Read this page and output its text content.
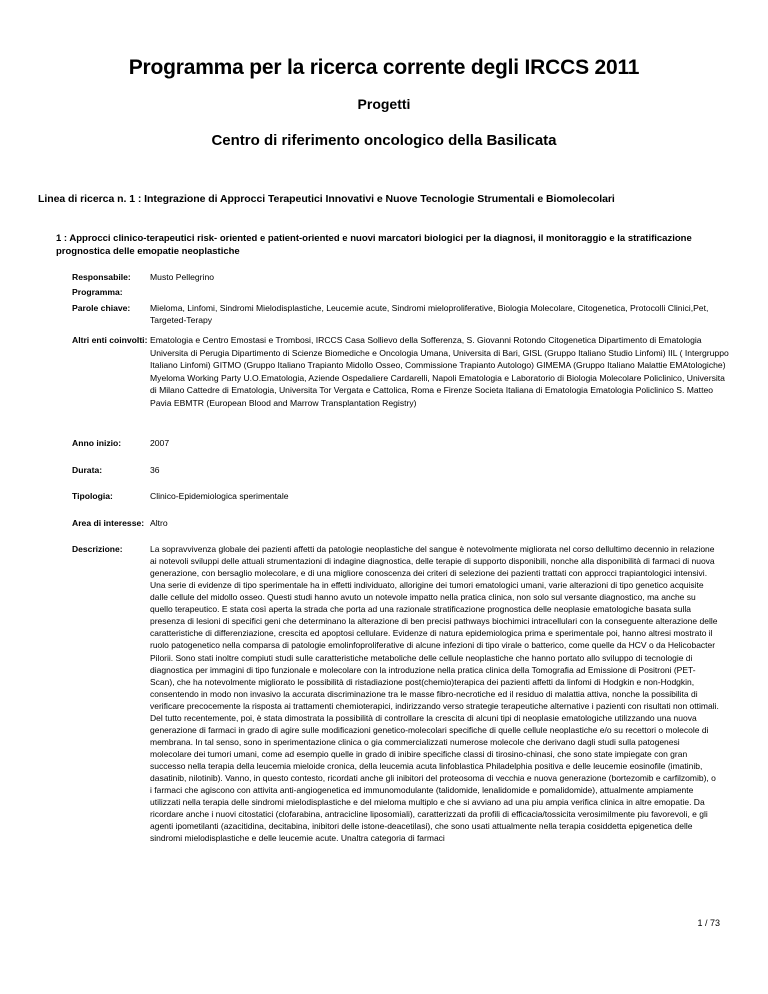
Programma per la ricerca corrente degli IRCCS 2011
Progetti
Centro di riferimento oncologico della Basilicata

Linea di ricerca n. 1 : Integrazione di Approcci Terapeutici Innovativi e Nuove Tecnologie Strumentali e Biomolecolari

1 : Approcci clinico-terapeutici risk- oriented e patient-oriented e nuovi marcatori biologici per la diagnosi, il monitoraggio e la stratificazione prognostica delle emopatie neoplastiche

Responsabile:	Musto Pellegrino
Programma:
Parole chiave:	Mieloma, Linfomi, Sindromi Mielodisplastiche, Leucemie acute, Sindromi mieloproliferative, Biologia Molecolare, Citogenetica, Protocolli Clinici,Pet, Targeted-Terapy
Altri enti coinvolti: Ematologia e Centro Emostasi e Trombosi, IRCCS Casa Sollievo della Sofferenza, S. Giovanni Rotondo Citogenetica Dipartimento di Ematologia Universita di Perugia Dipartimento di Scienze Biomediche e Oncologia Umana, Universita di Bari, GISL (Gruppo Italiano Studio Linfomi) IIL ( Intergruppo Italiano Linfomi) GITMO (Gruppo Italiano Trapianto Midollo Osseo, Commissione Trapianto Autologo) GIMEMA (Gruppo Italiano Malattie EMAtologiche) Myeloma Working Party U.O.Ematologia, Aziende Ospedaliere Cardarelli, Napoli Ematologia e Laboratorio di Biologia Molecolare Policlinico, Universita di Milano Cattedre di Ematologia, Universita Tor Vergata e Cattolica, Roma e Firenze Societa Italiana di Ematologia Ematologia Policlinico S. Matteo Pavia EBMTR (European Blood and Marrow Transplantation Registry)
Anno inizio:	2007
Durata:	36
Tipologia:	Clinico-Epidemiologica sperimentale
Area di interesse: Altro
Descrizione:	La sopravvivenza globale dei pazienti affetti da patologie neoplastiche del sangue è notevolmente migliorata nel corso dellultimo decennio in relazione ai notevoli sviluppi delle attuali strumentazioni di indagine diagnostica, delle terapie di supporto disponibili, nonche alla disponibilità di farmaci di nuova generazione, con bersaglio molecolare, e di una migliore conoscenza dei criteri di selezione dei pazienti trattati con approcci trapiantologici intensivi.

Una serie di evidenze di tipo sperimentale ha in effetti individuato, allorigine dei tumori ematologici umani, varie alterazioni di tipo genetico acquisite dalle cellule del midollo osseo. Questi studi hanno avuto un notevole impatto nella pratica clinica, non solo sul versante diagnostico, ma anche su quello terapeutico. E stata così aperta la strada che porta ad una razionale stratificazione prognostica delle neoplasie ematologiche basata sulla presenza di lesioni di specifici geni che determinano la alterazione di ben precisi pathways biochimici intracellulari con la conseguente alterazione delle caratteristiche di differenziazione, crescita ed apoptosi cellulare. Evidenze di natura epidemiologica prima e sperimentale poi, hanno altresi mostrato il ruolo patogenetico nella comparsa di patologie emolinfoproliferative di alcune infezioni di tipo virale o batterico, come quelle da HCV o da Helicobacter Pilorii. Sono stati inoltre compiuti studi sulle caratteristiche metaboliche delle cellule neoplastiche che hanno portato allo sviluppo di tecnologie di diagnostica per immagini di tipo funzionale e molecolare con la introduzione nella pratica clinica della Tomografia ad Emissione di Positroni (PET-Scan), che ha notevolmente migliorato le possibilità di ristadiazione post(chemio)terapica dei pazienti affetti da linfomi di Hodgkin e non-Hodgkin, consentendo in modo non invasivo la accurata discriminazione tra le masse fibro-necrotiche ed il residuo di malattia attiva, nonche la possibilita di verificare precocemente la risposta ai trattamenti chemioterapici, indirizzando verso strategie terapeutiche alternative i pazienti con risultati non ottimali. Del tutto recentemente, poi, è stata dimostrata la possibilità di controllare la crescita di alcuni tipi di neoplasie ematologiche utilizzando una nuova generazione di farmaci in grado di agire sulle modificazioni genetico-molecolari specifiche di quelle cellule neoplastiche e/o su recettori o molecole di membrana. In tal senso, sono in sperimentazione clinica o gia commercializzati numerose molecole che derivano dagli studi sulla patogenesi molecolare dei tumori umani, come ad esempio quelle in grado di inibire specifiche classi di tirosino-chinasi, che sono state impiegate con gran successo nella terapia della leucemia mieloide cronica, della leucemia acuta linfoblastica Philadelphia positiva e delle leucemie eosinofile (imatinib, dasatinib, nilotinib). Vanno, in questo contesto, ricordati anche gli inibitori del proteosoma di vecchia e nuova generazione (bortezomib e carfilzomib), o i farmaci che agiscono con attivita anti-angiogenetica ed immunomodulante (talidomide, lenalidomide e pomalidomide), attualmente ampiamente utilizzati nella terapia delle sindromi mielodisplastiche e del mieloma multiplo e che si avviano ad una piu ampia verifica clinica in altre emopatie. Da ricordare anche i nuovi citostatici (clofarabina, antracicline liposomiali), caratterizzati da profili di efficacia/tossicita verosimilmente piu favorevoli, e gli agenti ipometilanti (azacitidina, decitabina, inibitori delle istone-deacetilasi), che sono usati attualmente nella terapia cosiddetta epigenetica delle sindromi mielodisplastiche e delle leucemie acute. Unaltra categoria di farmaci

1 / 73
